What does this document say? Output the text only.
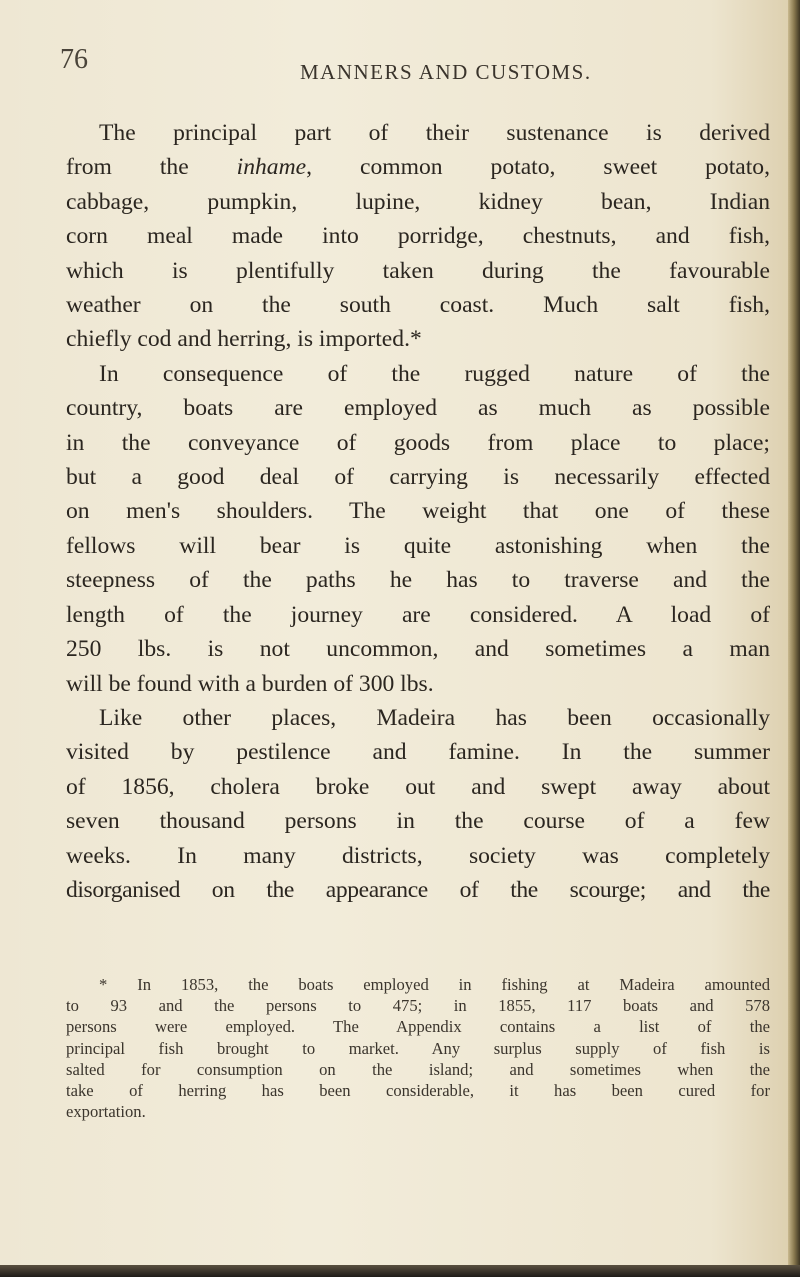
76	MANNERS AND CUSTOMS.
The principal part of their sustenance is derived
from the inhame, common potato, sweet potato,
cabbage, pumpkin, lupine, kidney bean, Indian
corn meal made into porridge, chestnuts, and fish,
which is plentifully taken during the favourable
weather on the south coast. Much salt fish,
chiefly cod and herring, is imported.*
In consequence of the rugged nature of the
country, boats are employed as much as possible
in the conveyance of goods from place to place;
but a good deal of carrying is necessarily effected
on men's shoulders. The weight that one of these
fellows will bear is quite astonishing when the
steepness of the paths he has to traverse and the
length of the journey are considered. A load of
250 lbs. is not uncommon, and sometimes a man
will be found with a burden of 300 lbs.
Like other places, Madeira has been occasionally
visited by pestilence and famine. In the summer
of 1856, cholera broke out and swept away about
seven thousand persons in the course of a few
weeks. In many districts, society was completely
disorganised on the appearance of the scourge; and the
* In 1853, the boats employed in fishing at Madeira amounted
to 93 and the persons to 475; in 1855, 117 boats and 578
persons were employed. The Appendix contains a list of the
principal fish brought to market. Any surplus supply of fish is
salted for consumption on the island; and sometimes when the
take of herring has been considerable, it has been cured for
exportation.
